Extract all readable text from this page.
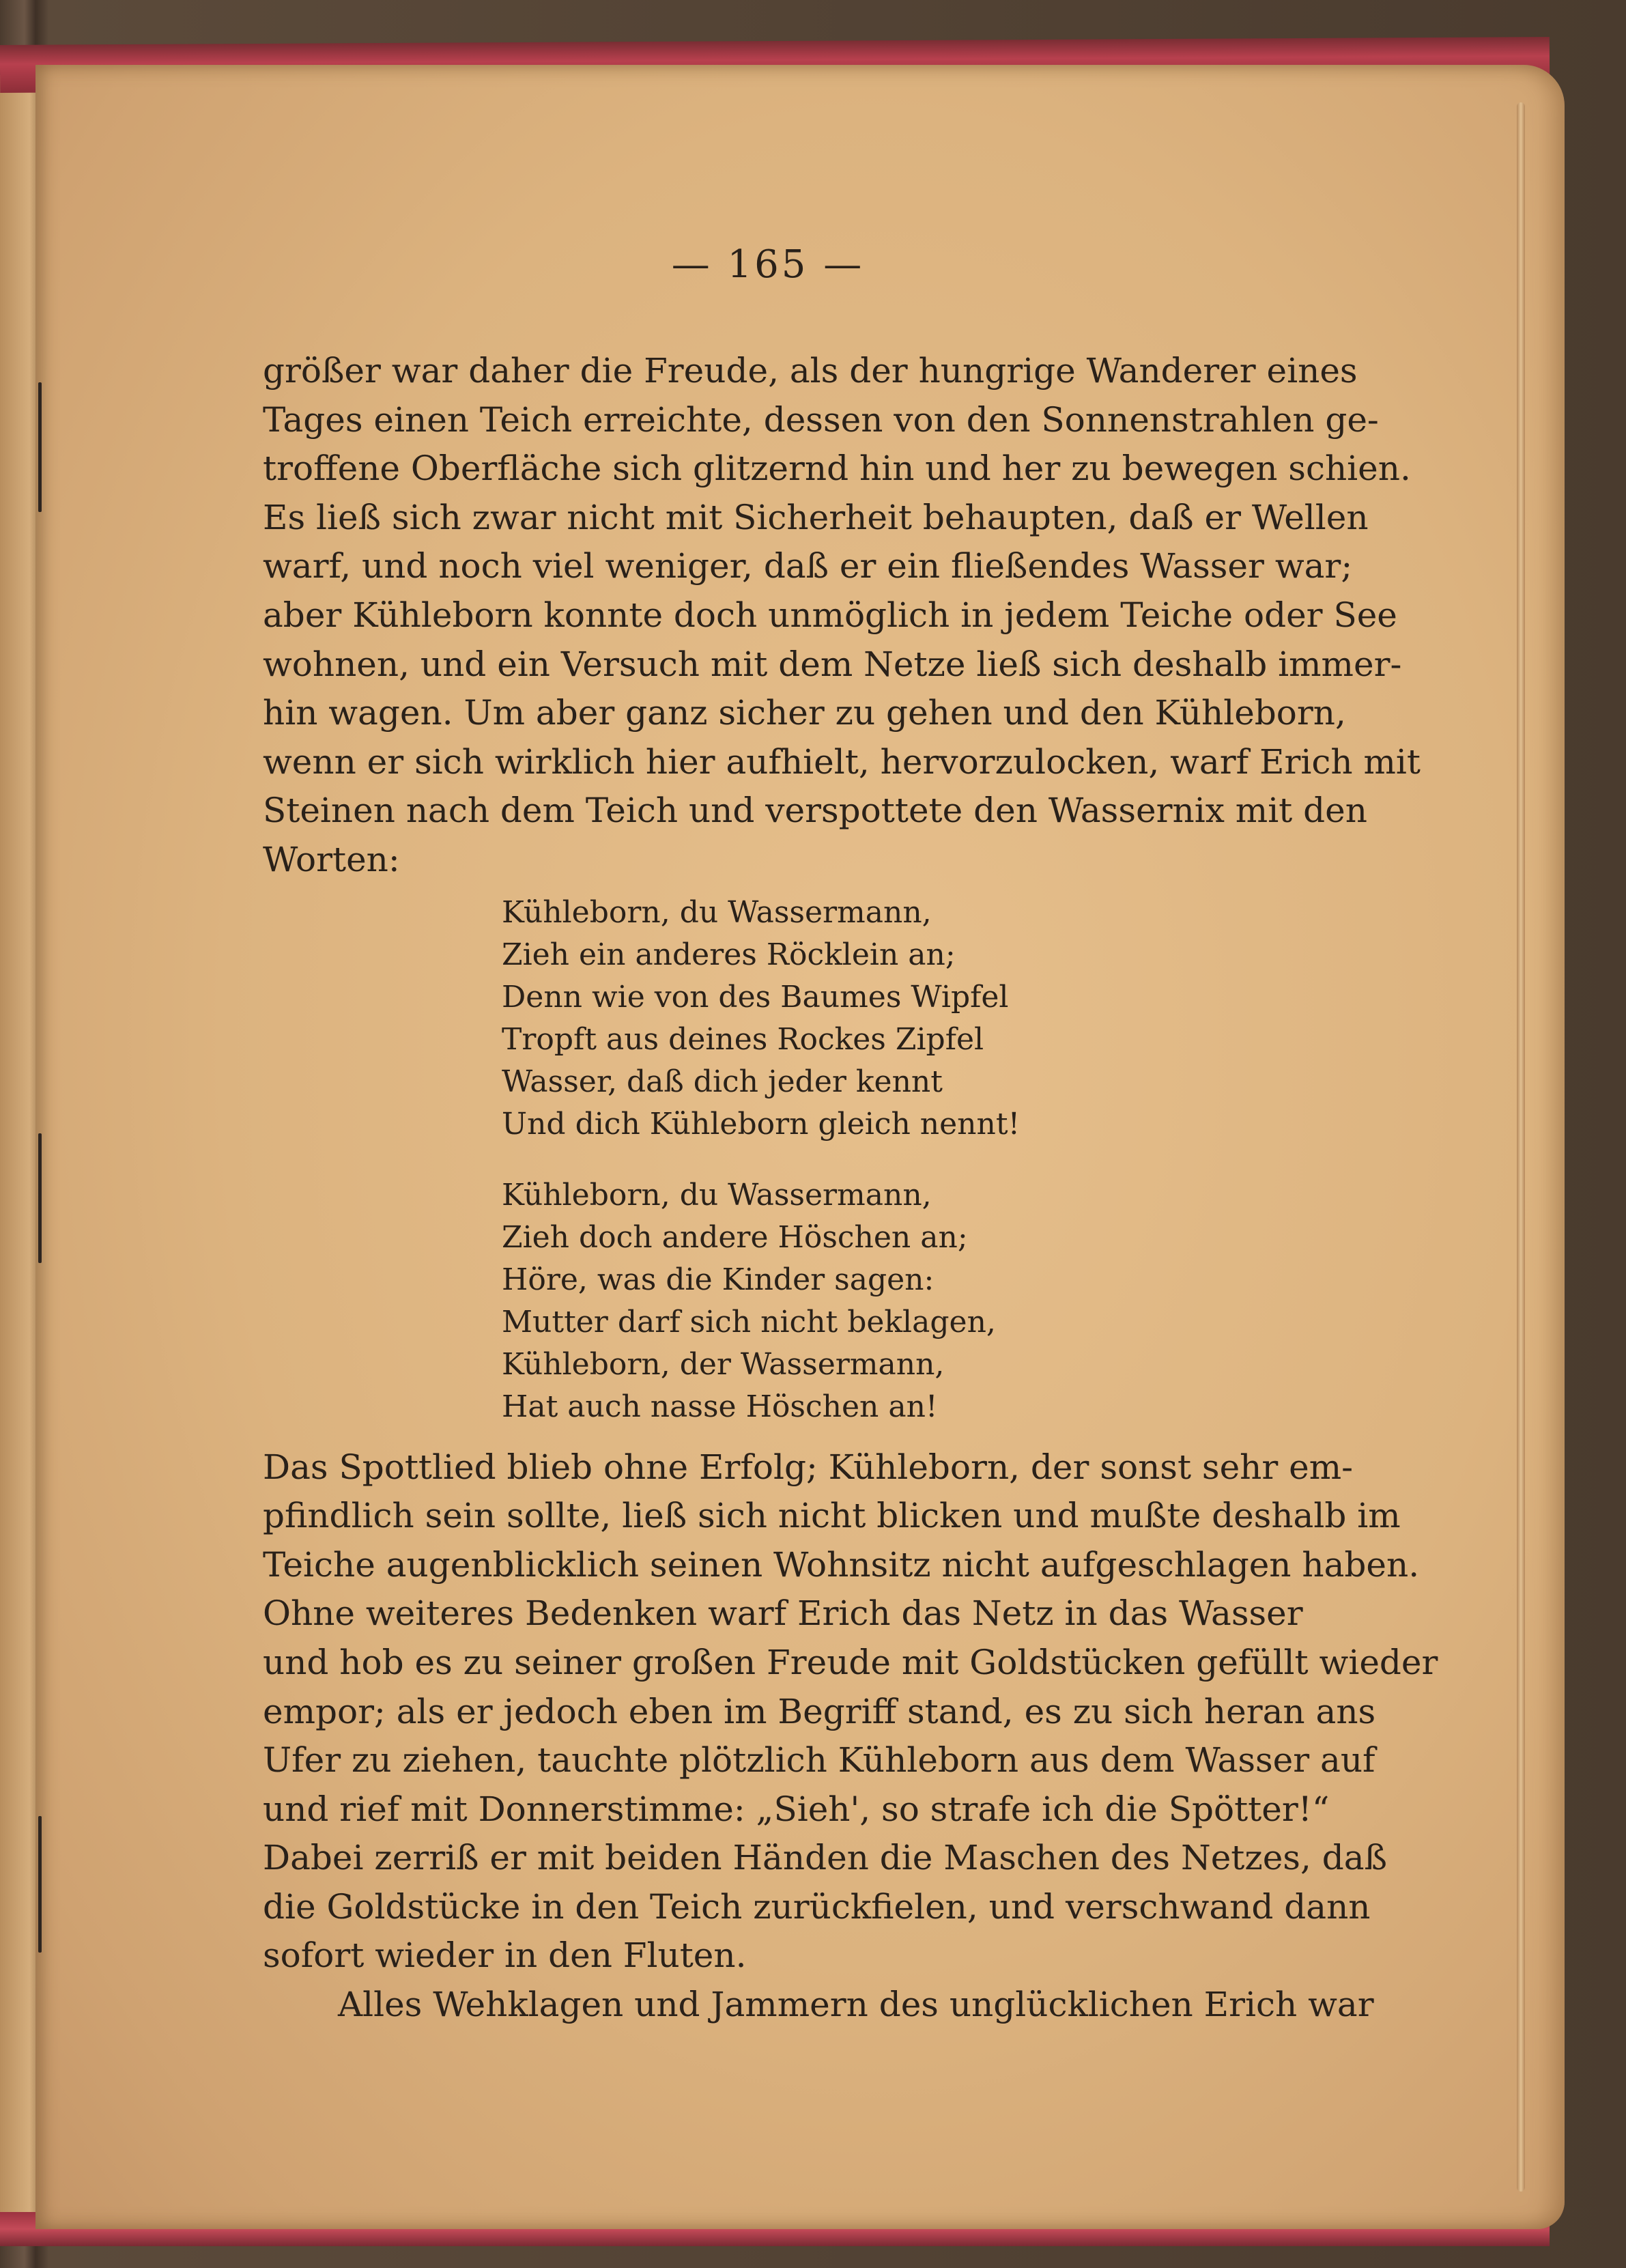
— 165 —

größer war daher die Freude, als der hungrige Wanderer eines

Tages einen Teich erreichte, dessen von den Sonnenstrahlen ge-

troffene Oberfläche sich glitzernd hin und her zu bewegen schien.

Es ließ sich zwar nicht mit Sicherheit behaupten, daß er Wellen

warf, und noch viel weniger, daß er ein fließendes Wasser war;

aber Kühleborn konnte doch unmöglich in jedem Teiche oder See

wohnen, und ein Versuch mit dem Netze ließ sich deshalb immer-

hin wagen. Um aber ganz sicher zu gehen und den Kühleborn,

wenn er sich wirklich hier aufhielt, hervorzulocken, warf Erich mit

Steinen nach dem Teich und verspottete den Wassernix mit den

Worten:

Kühleborn, du Wassermann,
Zieh ein anderes Röcklein an;
Denn wie von des Baumes Wipfel
Tropft aus deines Rockes Zipfel
Wasser, daß dich jeder kennt
Und dich Kühleborn gleich nennt!
Kühleborn, du Wassermann,
Zieh doch andere Höschen an;
Höre, was die Kinder sagen:
Mutter darf sich nicht beklagen,
Kühleborn, der Wassermann,
Hat auch nasse Höschen an!

Das Spottlied blieb ohne Erfolg; Kühleborn, der sonst sehr em-

pfindlich sein sollte, ließ sich nicht blicken und mußte deshalb im

Teiche augenblicklich seinen Wohnsitz nicht aufgeschlagen haben.

Ohne weiteres Bedenken warf Erich das Netz in das Wasser

und hob es zu seiner großen Freude mit Goldstücken gefüllt wieder

empor; als er jedoch eben im Begriff stand, es zu sich heran ans

Ufer zu ziehen, tauchte plötzlich Kühleborn aus dem Wasser auf

und rief mit Donnerstimme: „Sieh', so strafe ich die Spötter!“

Dabei zerriß er mit beiden Händen die Maschen des Netzes, daß

die Goldstücke in den Teich zurückfielen, und verschwand dann

sofort wieder in den Fluten.

Alles Wehklagen und Jammern des unglücklichen Erich war
